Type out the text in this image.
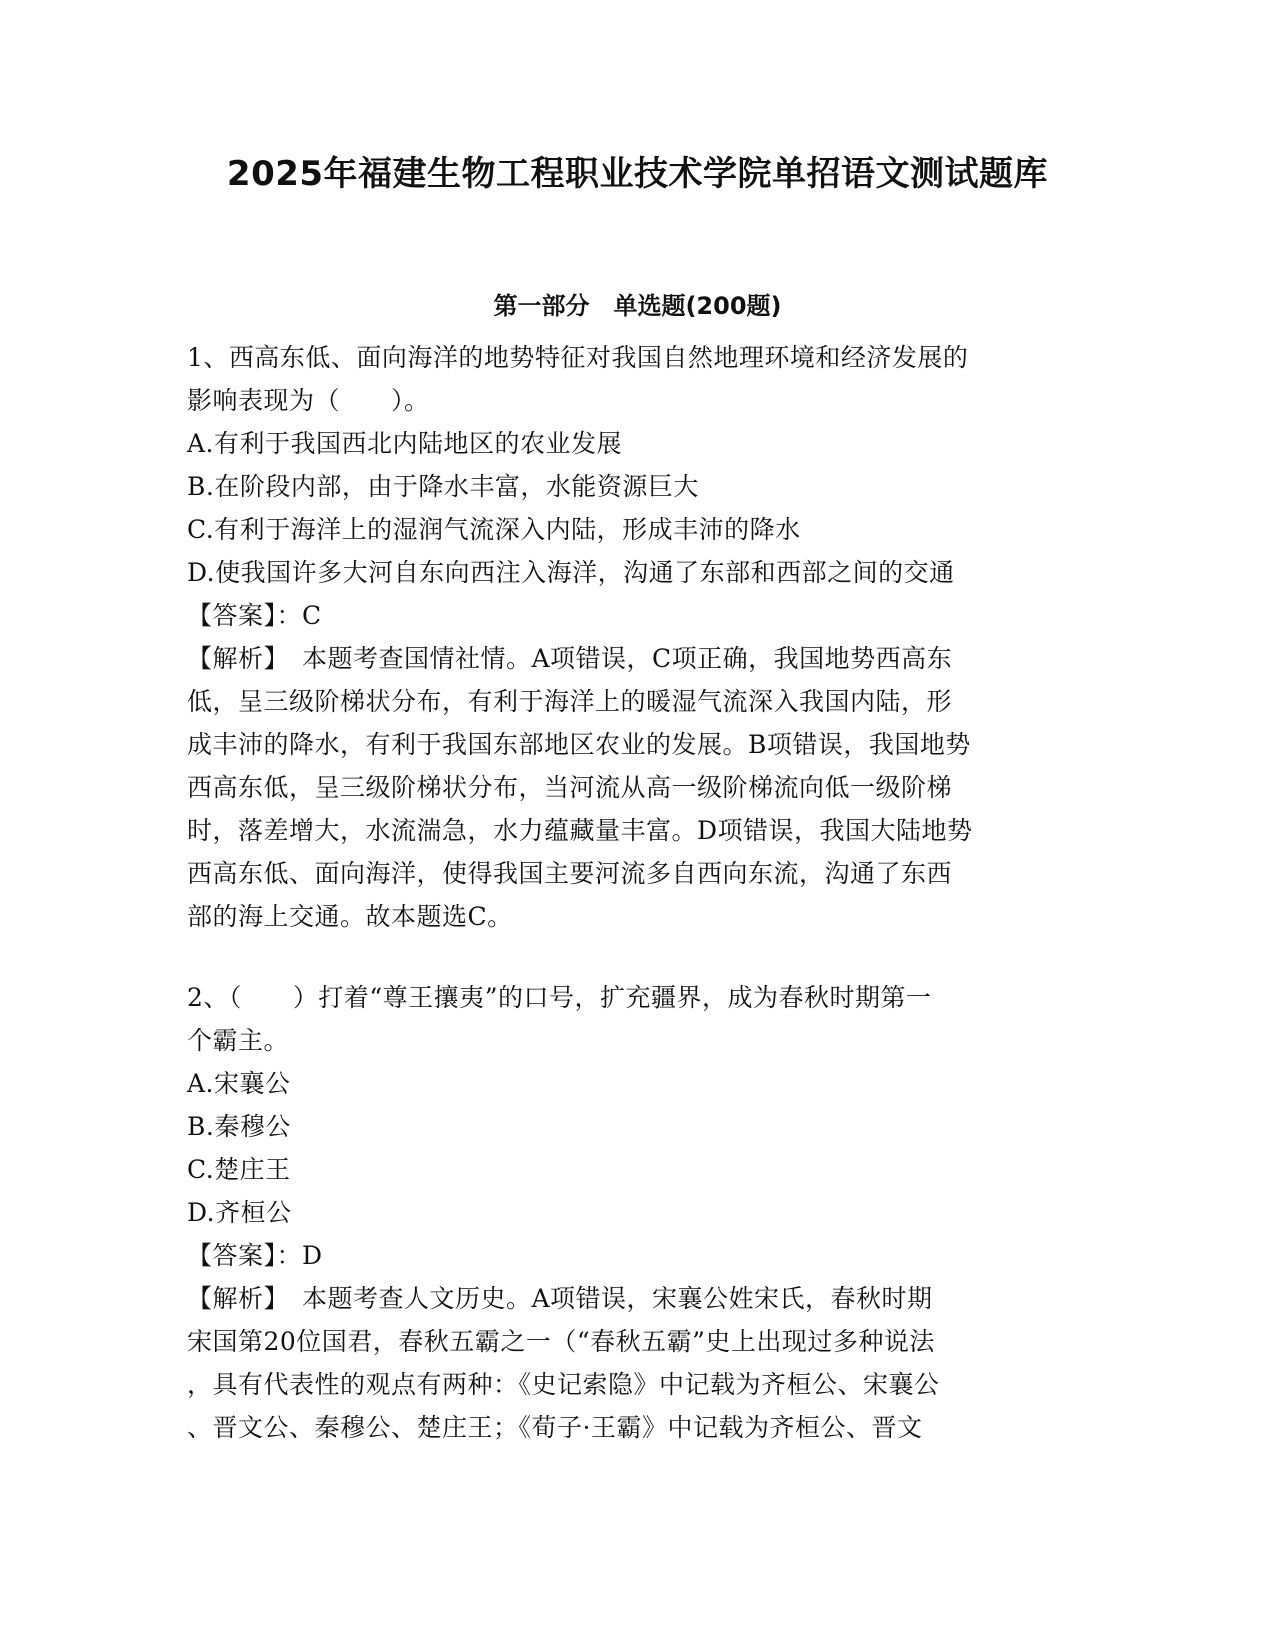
2025年福建生物工程职业技术学院单招语文测试题库
第一部分　单选题(200题)
1、西高东低、面向海洋的地势特征对我国自然地理环境和经济发展的
影响表现为（　　）。
A.有利于我国西北内陆地区的农业发展
B.在阶段内部，由于降水丰富，水能资源巨大
C.有利于海洋上的湿润气流深入内陆，形成丰沛的降水
D.使我国许多大河自东向西注入海洋，沟通了东部和西部之间的交通
【答案】：C
【解析】　本题考查国情社情。A项错误，C项正确，我国地势西高东
低，呈三级阶梯状分布，有利于海洋上的暖湿气流深入我国内陆，形
成丰沛的降水，有利于我国东部地区农业的发展。B项错误，我国地势
西高东低，呈三级阶梯状分布，当河流从高一级阶梯流向低一级阶梯
时，落差增大，水流湍急，水力蕴藏量丰富。D项错误，我国大陆地势
西高东低、面向海洋，使得我国主要河流多自西向东流，沟通了东西
部的海上交通。故本题选C。
2、（　　）打着“尊王攘夷”的口号，扩充疆界，成为春秋时期第一
个霸主。
A.宋襄公
B.秦穆公
C.楚庄王
D.齐桓公
【答案】：D
【解析】　本题考查人文历史。A项错误，宋襄公姓宋氏，春秋时期
宋国第20位国君，春秋五霸之一（“春秋五霸”史上出现过多种说法
，具有代表性的观点有两种：《史记索隐》中记载为齐桓公、宋襄公
、晋文公、秦穆公、楚庄王；《荀子·王霸》中记载为齐桓公、晋文
